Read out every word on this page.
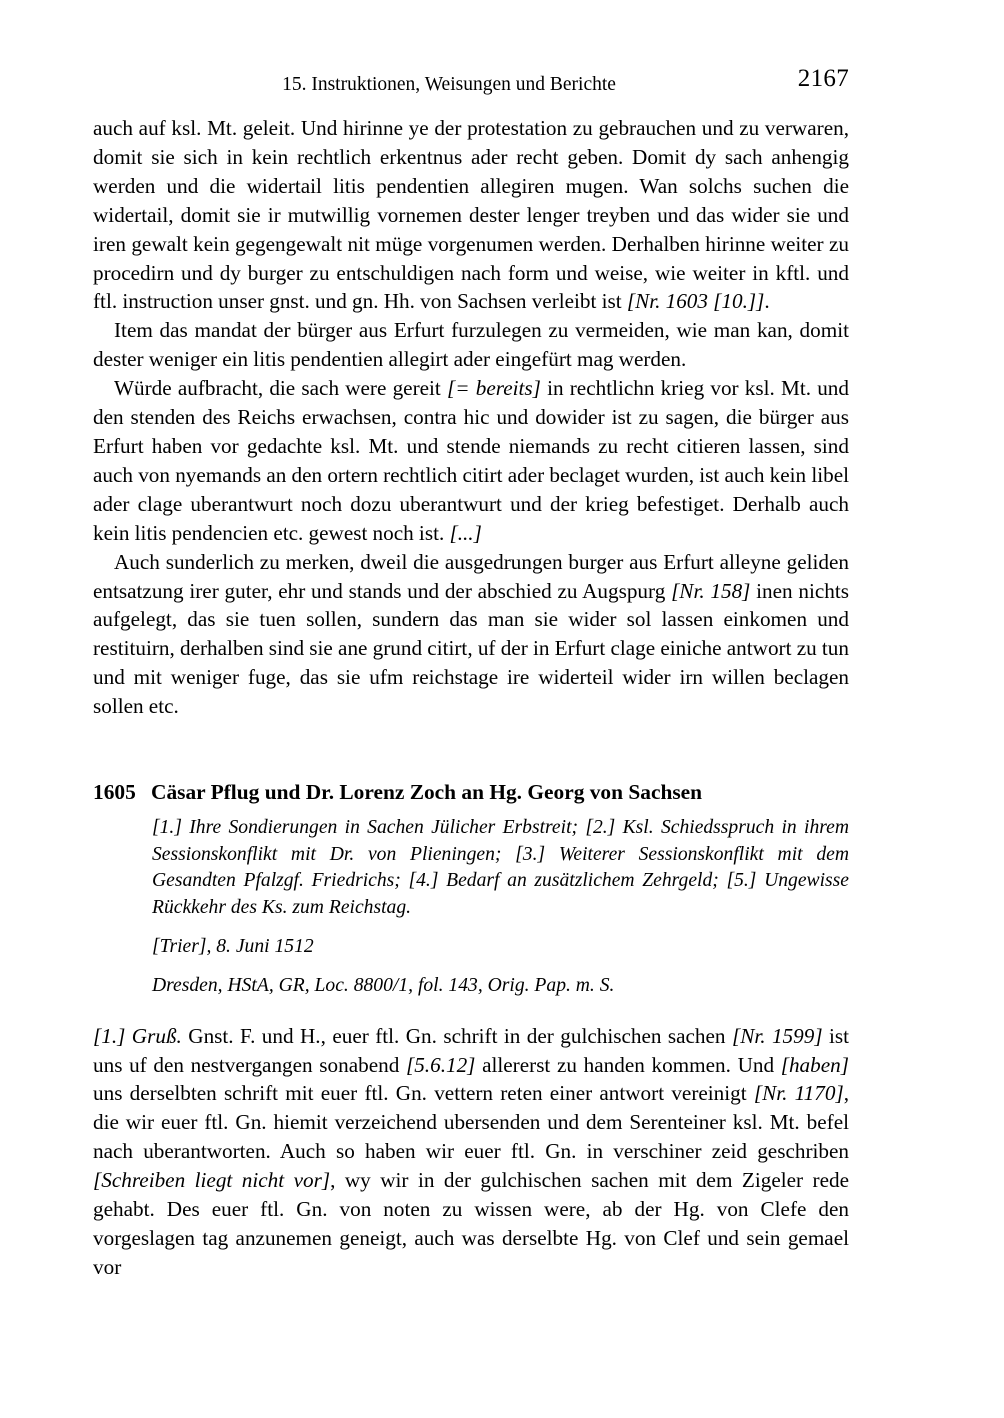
15. Instruktionen, Weisungen und Berichte	2167

auch auf ksl. Mt. geleit. Und hirinne ye der protestation zu gebrauchen und zu verwaren, domit sie sich in kein rechtlich erkentnus ader recht geben. Domit dy sach anhengig werden und die widertail litis pendentien allegiren mugen. Wan solchs suchen die widertail, domit sie ir mutwillig vornemen dester lenger treyben und das wider sie und iren gewalt kein gegengewalt nit müge vorgenumen werden. Derhalben hirinne weiter zu procedirn und dy burger zu entschuldigen nach form und weise, wie weiter in kftl. und ftl. instruction unser gnst. und gn. Hh. von Sachsen verleibt ist [Nr. 1603 [10.]].

Item das mandat der bürger aus Erfurt furzulegen zu vermeiden, wie man kan, domit dester weniger ein litis pendentien allegirt ader eingefürt mag werden.

Würde aufbracht, die sach were gereit [= bereits] in rechtlichn krieg vor ksl. Mt. und den stenden des Reichs erwachsen, contra hic und dowider ist zu sagen, die bürger aus Erfurt haben vor gedachte ksl. Mt. und stende niemands zu recht citieren lassen, sind auch von nyemands an den ortern rechtlich citirt ader beclaget wurden, ist auch kein libel ader clage uberantwurt noch dozu uberantwurt und der krieg befestiget. Derhalb auch kein litis pendencien etc. gewest noch ist. [...]

Auch sunderlich zu merken, dweil die ausgedrungen burger aus Erfurt alleyne geliden entsatzung irer guter, ehr und stands und der abschied zu Augspurg [Nr. 158] inen nichts aufgelegt, das sie tuen sollen, sundern das man sie wider sol lassen einkomen und restituirn, derhalben sind sie ane grund citirt, uf der in Erfurt clage einiche antwort zu tun und mit weniger fuge, das sie ufm reichstage ire widerteil wider irn willen beclagen sollen etc.

1605 Cäsar Pflug und Dr. Lorenz Zoch an Hg. Georg von Sachsen

[1.] Ihre Sondierungen in Sachen Jülicher Erbstreit; [2.] Ksl. Schiedsspruch in ihrem Sessionskonflikt mit Dr. von Plieningen; [3.] Weiterer Sessionskonflikt mit dem Gesandten Pfalzgf. Friedrichs; [4.] Bedarf an zusätzlichem Zehrgeld; [5.] Ungewisse Rückkehr des Ks. zum Reichstag.

[Trier], 8. Juni 1512

Dresden, HStA, GR, Loc. 8800/1, fol. 143, Orig. Pap. m. S.

[1.] Gruß. Gnst. F. und H., euer ftl. Gn. schrift in der gulchischen sachen [Nr. 1599] ist uns uf den nestvergangen sonabend [5.6.12] allererst zu handen kommen. Und [haben] uns derselbten schrift mit euer ftl. Gn. vettern reten einer antwort vereinigt [Nr. 1170], die wir euer ftl. Gn. hiemit verzeichend ubersenden und dem Serenteiner ksl. Mt. befel nach uberantworten. Auch so haben wir euer ftl. Gn. in verschiner zeid geschriben [Schreiben liegt nicht vor], wy wir in der gulchischen sachen mit dem Zigeler rede gehabt. Des euer ftl. Gn. von noten zu wissen were, ab der Hg. von Clefe den vorgeslagen tag anzunemen geneigt, auch was derselbte Hg. von Clef und sein gemael vor
